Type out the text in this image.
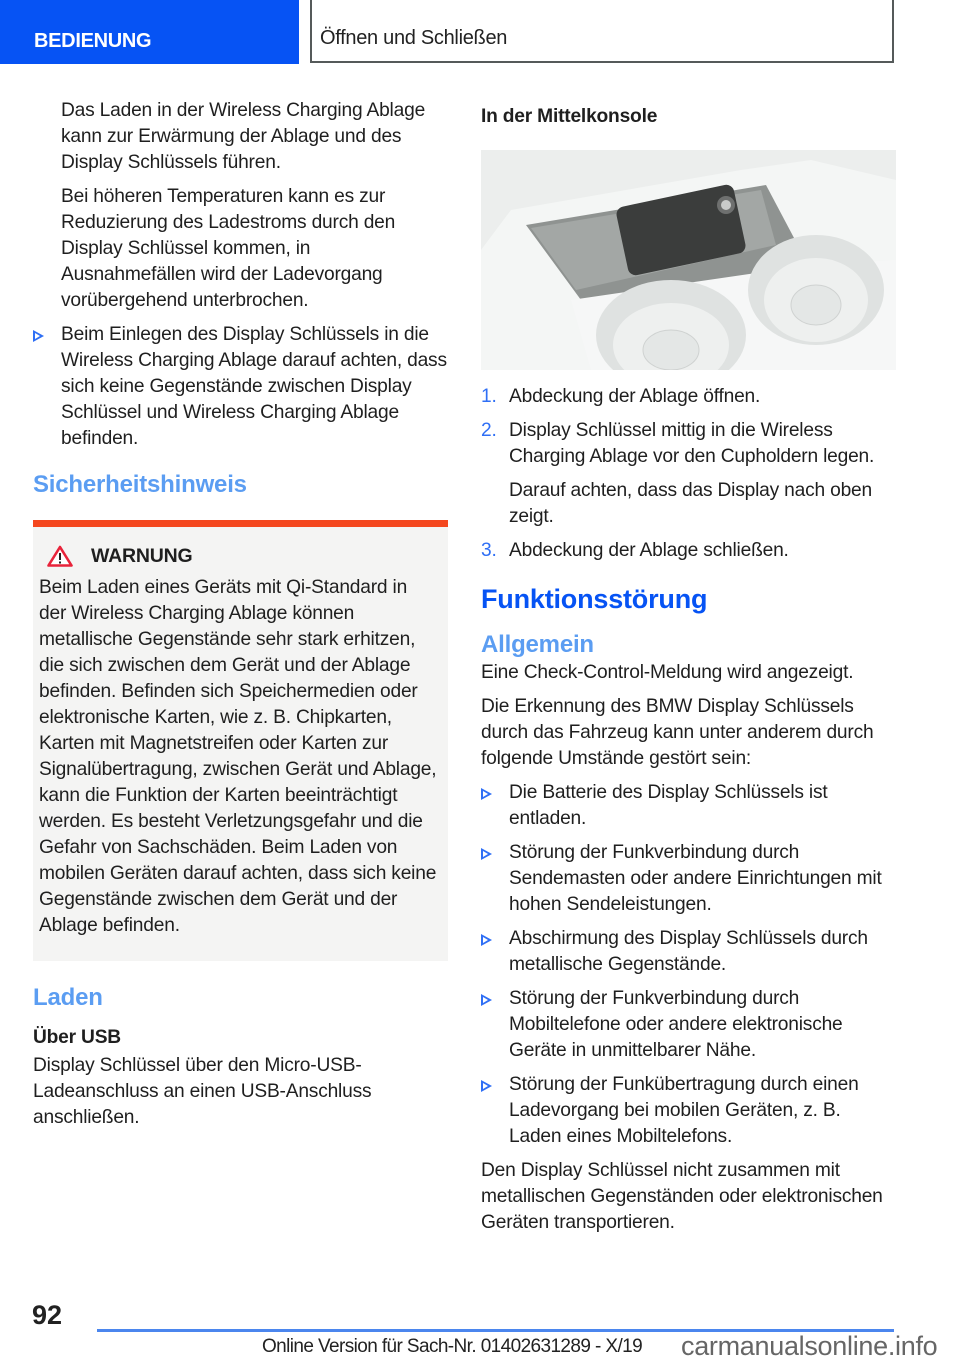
BEDIENUNG	Öffnen und Schließen

Das Laden in der Wireless Charging Ablage kann zur Erwärmung der Ablage und des Display Schlüssels führen.

Bei höheren Temperaturen kann es zur Reduzierung des Ladestroms durch den Display Schlüssel kommen, in Ausnahmefällen wird der Ladevorgang vorübergehend unterbrochen.

Beim Einlegen des Display Schlüssels in die Wireless Charging Ablage darauf achten, dass sich keine Gegenstände zwischen Display Schlüssel und Wireless Charging Ablage befinden.
Sicherheitshinweis
WARNUNG
Beim Laden eines Geräts mit Qi-Standard in der Wireless Charging Ablage können metallische Gegenstände sehr stark erhitzen, die sich zwischen dem Gerät und der Ablage befinden. Befinden sich Speichermedien oder elektronische Karten, wie z. B. Chipkarten, Karten mit Magnetstreifen oder Karten zur Signalübertragung, zwischen Gerät und Ablage, kann die Funktion der Karten beeinträchtigt werden. Es besteht Verletzungsgefahr und die Gefahr von Sachschäden. Beim Laden von mobilen Geräten darauf achten, dass sich keine Gegenstände zwischen dem Gerät und der Ablage befinden.
Laden
Über USB

Display Schlüssel über den Micro-USB-Ladeanschluss an einen USB-Anschluss anschließen.

In der Mittelkonsole
1. Abdeckung der Ablage öffnen.
2. Display Schlüssel mittig in die Wireless Charging Ablage vor den Cupholdern legen.
Darauf achten, dass das Display nach oben zeigt.
3. Abdeckung der Ablage schließen.
Funktionsstörung
Allgemein

Eine Check-Control-Meldung wird angezeigt.

Die Erkennung des BMW Display Schlüssels durch das Fahrzeug kann unter anderem durch folgende Umstände gestört sein:

Die Batterie des Display Schlüssels ist entladen.
Störung der Funkverbindung durch Sendemasten oder andere Einrichtungen mit hohen Sendeleistungen.
Abschirmung des Display Schlüssels durch metallische Gegenstände.
Störung der Funkverbindung durch Mobiltelefone oder andere elektronische Geräte in unmittelbarer Nähe.
Störung der Funkübertragung durch einen Ladevorgang bei mobilen Geräten, z. B. Laden eines Mobiltelefons.

Den Display Schlüssel nicht zusammen mit metallischen Gegenständen oder elektronischen Geräten transportieren.

92
Online Version für Sach-Nr. 01402631289 - X/19 carmanualsonline.info
